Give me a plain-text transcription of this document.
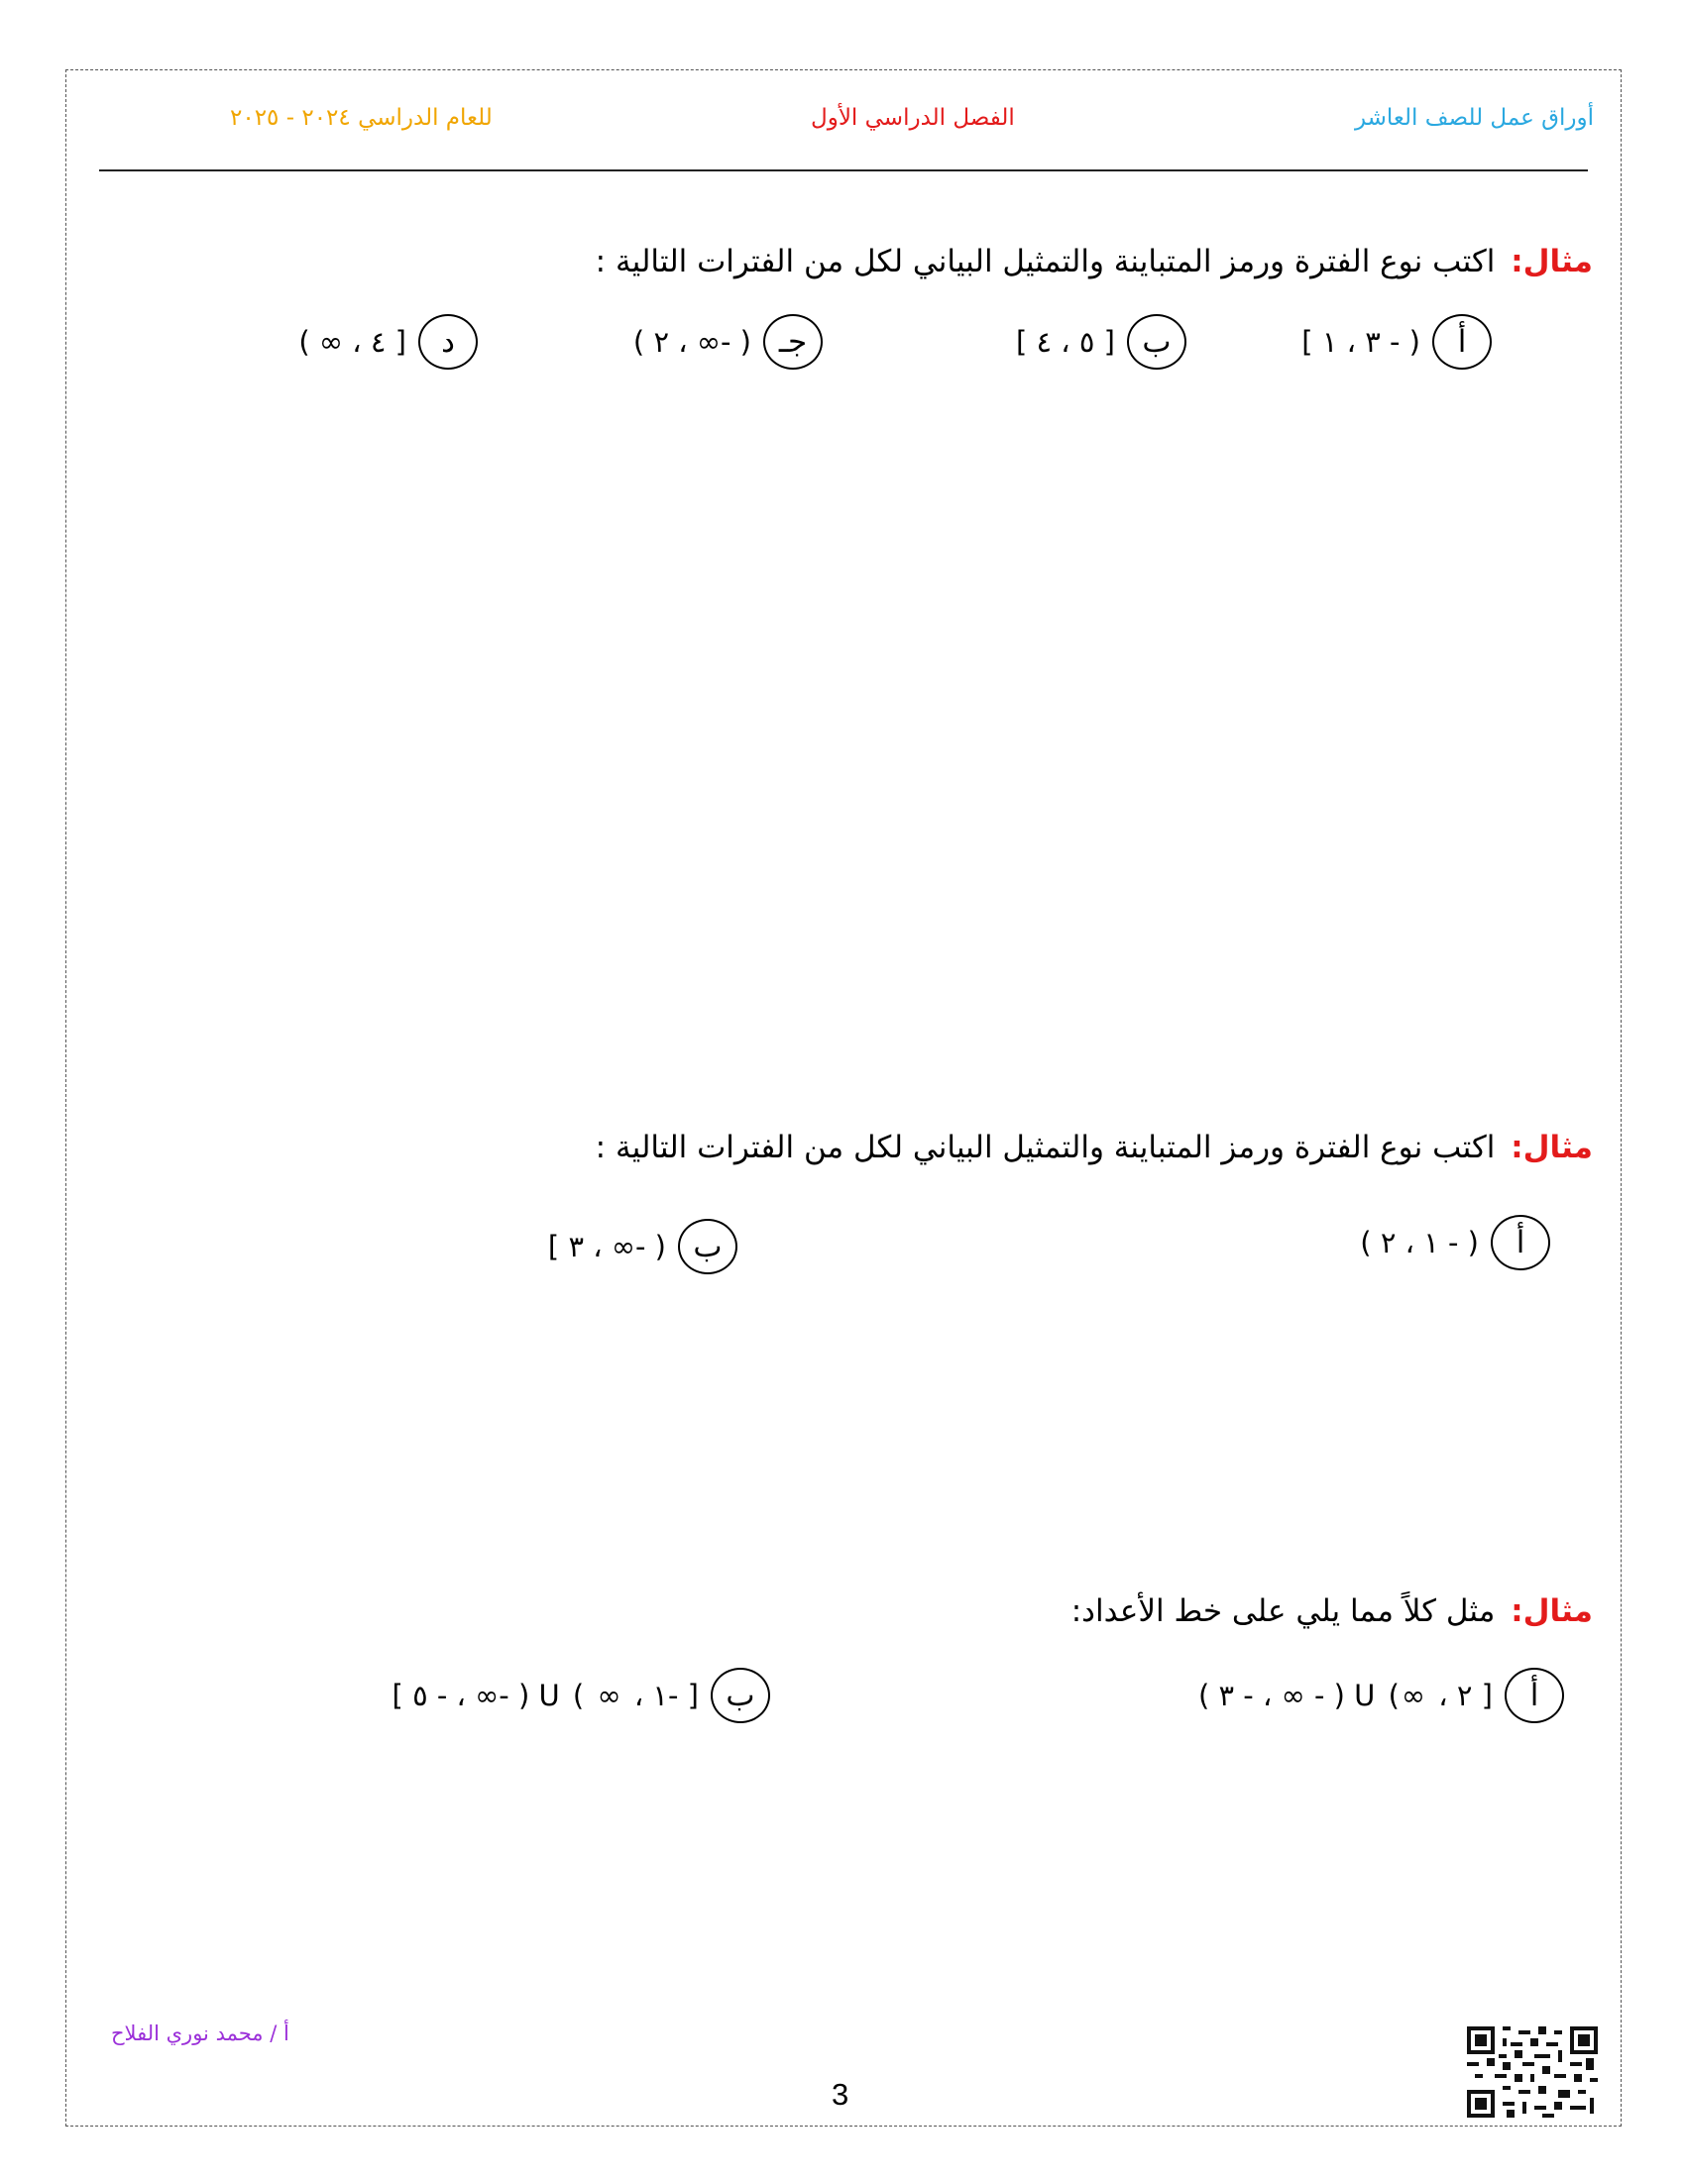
أوراق عمل للصف العاشر
الفصل الدراسي الأول
للعام الدراسي ٢٠٢٤ - ٢٠٢٥
مثال: اكتب نوع الفترة ورمز المتباينة والتمثيل البياني لكل من الفترات التالية :
أ
[ ٣ ، ١ - )
ب
[ ٥ ، ٤ ]
جـ
( ٢ ، ∞- )
د
( ∞ ، ٤ ]
مثال: اكتب نوع الفترة ورمز المتباينة والتمثيل البياني لكل من الفترات التالية :
أ
( ١ ، ٢ - )
ب
[ ٣ ، ∞- )
مثال: مثل كلاً مما يلي على خط الأعداد:
أ
( ٣ - ، ∞ - ) U (∞ ، ٢ ]
ب
[ ٥ - ، ∞- ) U ( ∞ ، ١- ]
أ / محمد نوري الفلاح
3
